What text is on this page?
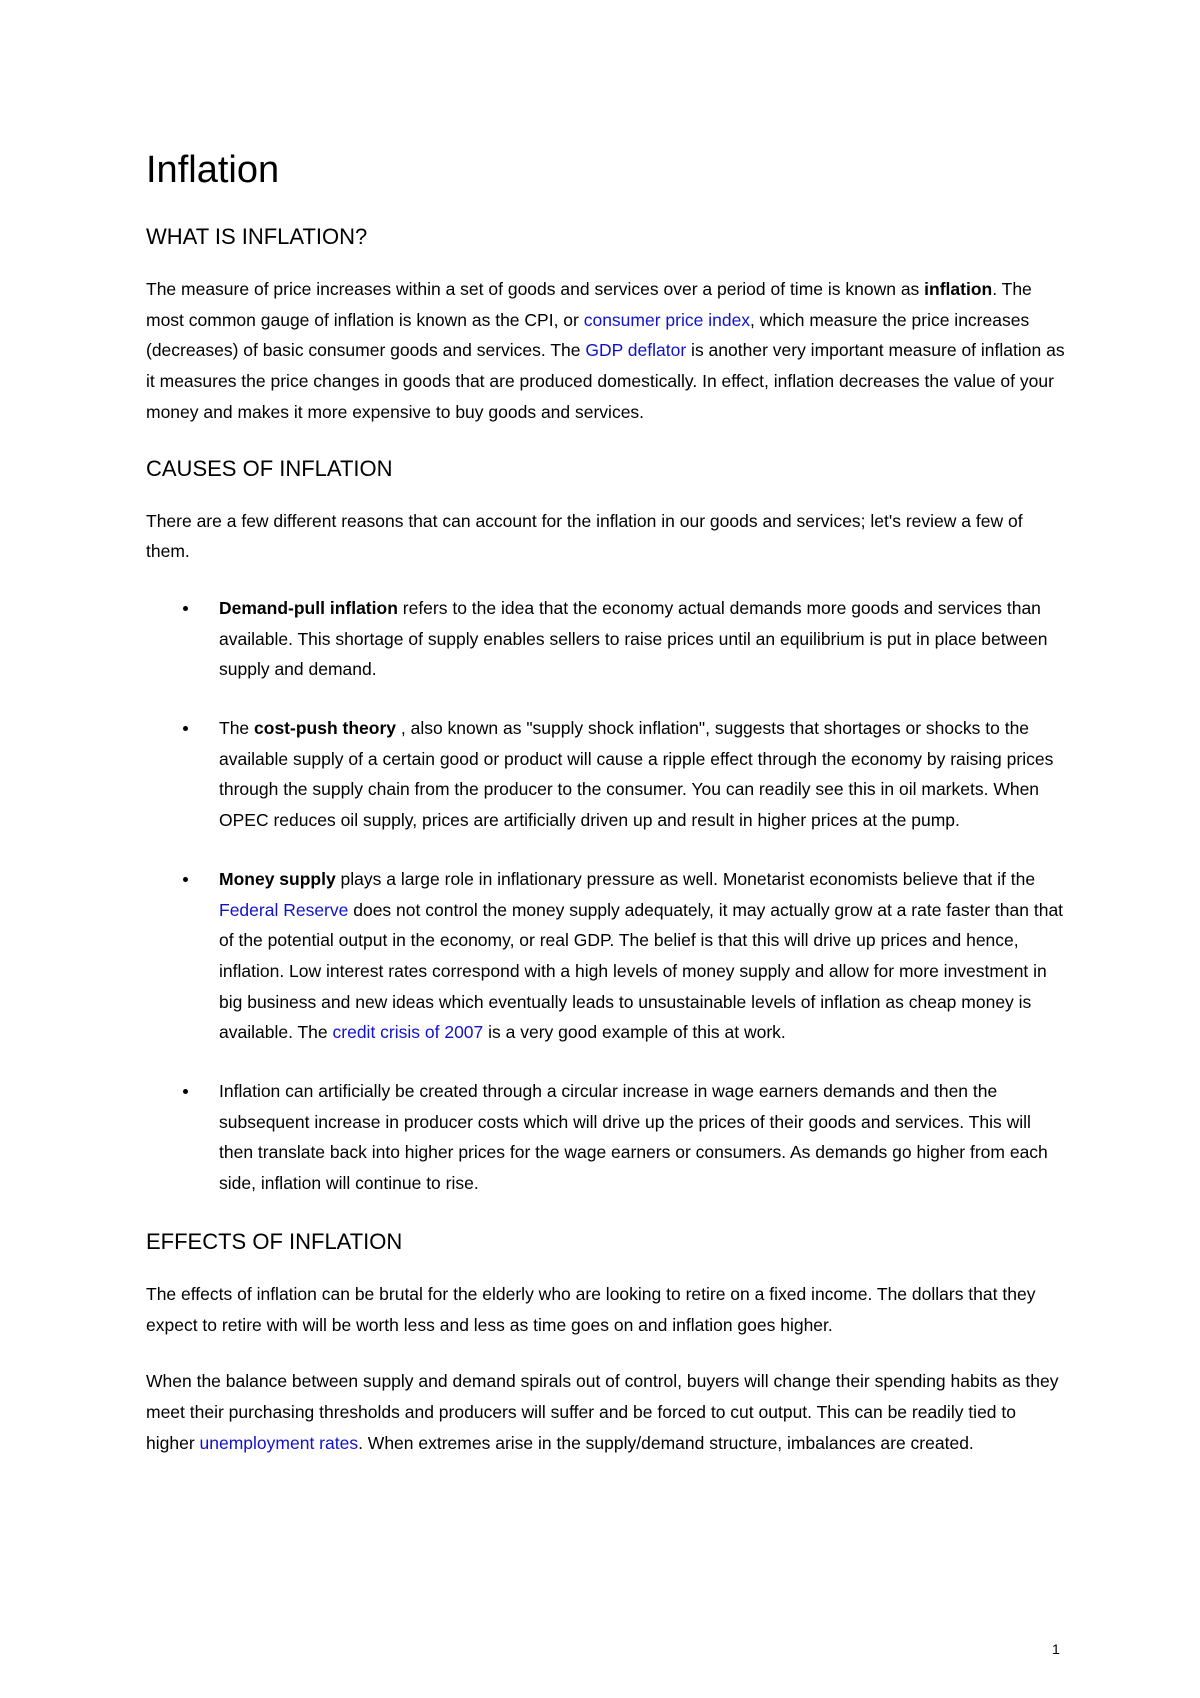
Inflation
WHAT IS INFLATION?

The measure of price increases within a set of goods and services over a period of time is known as inflation. The most common gauge of inflation is known as the CPI, or consumer price index, which measure the price increases (decreases) of basic consumer goods and services. The GDP deflator is another very important measure of inflation as it measures the price changes in goods that are produced domestically. In effect, inflation decreases the value of your money and makes it more expensive to buy goods and services.

CAUSES OF INFLATION

There are a few different reasons that can account for the inflation in our goods and services; let's review a few of them.

Demand-pull inflation refers to the idea that the economy actual demands more goods and services than available. This shortage of supply enables sellers to raise prices until an equilibrium is put in place between supply and demand.
The cost-push theory , also known as "supply shock inflation", suggests that shortages or shocks to the available supply of a certain good or product will cause a ripple effect through the economy by raising prices through the supply chain from the producer to the consumer. You can readily see this in oil markets. When OPEC reduces oil supply, prices are artificially driven up and result in higher prices at the pump.
Money supply plays a large role in inflationary pressure as well. Monetarist economists believe that if the Federal Reserve does not control the money supply adequately, it may actually grow at a rate faster than that of the potential output in the economy, or real GDP. The belief is that this will drive up prices and hence, inflation. Low interest rates correspond with a high levels of money supply and allow for more investment in big business and new ideas which eventually leads to unsustainable levels of inflation as cheap money is available. The credit crisis of 2007 is a very good example of this at work.
Inflation can artificially be created through a circular increase in wage earners demands and then the subsequent increase in producer costs which will drive up the prices of their goods and services. This will then translate back into higher prices for the wage earners or consumers. As demands go higher from each side, inflation will continue to rise.
EFFECTS OF INFLATION

The effects of inflation can be brutal for the elderly who are looking to retire on a fixed income. The dollars that they expect to retire with will be worth less and less as time goes on and inflation goes higher.

When the balance between supply and demand spirals out of control, buyers will change their spending habits as they meet their purchasing thresholds and producers will suffer and be forced to cut output. This can be readily tied to higher unemployment rates. When extremes arise in the supply/demand structure, imbalances are created.

1
